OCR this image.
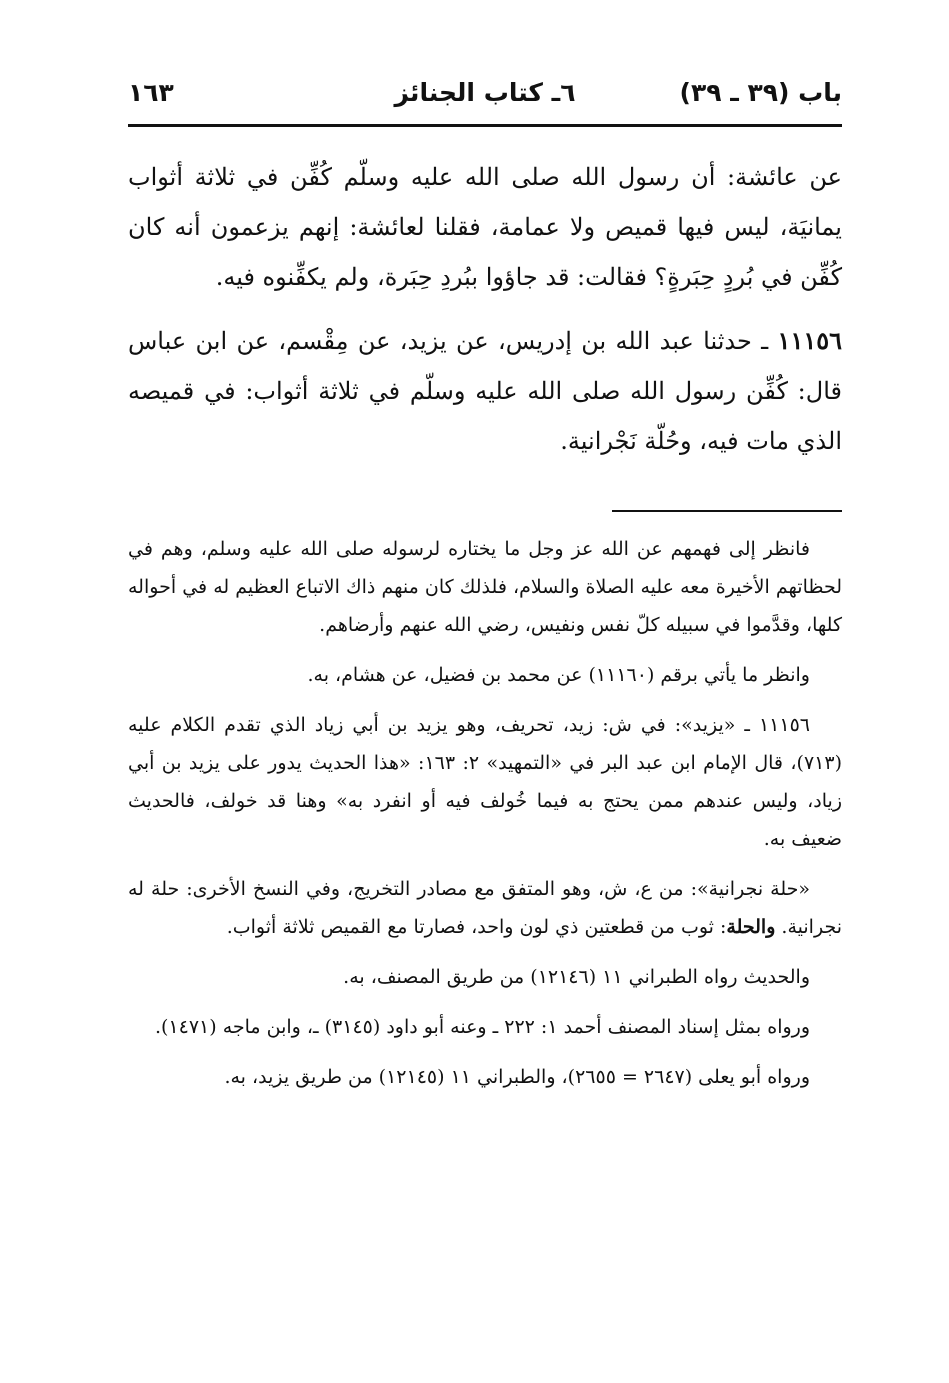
باب (٣٩ ـ ٣٩)
٦ـ كتاب الجنائز
١٦٣

عن عائشة: أن رسول الله صلى الله عليه وسلّم كُفِّن في ثلاثة أثواب يمانيَة، ليس فيها قميص ولا عمامة، فقلنا لعائشة: إنهم يزعمون أنه كان كُفِّن في بُردٍ حِبَرةٍ؟ فقالت: قد جاؤوا ببُردِ حِبَرة، ولم يكفِّنوه فيه.

١١١٥٦ ـ حدثنا عبد الله بن إدريس، عن يزيد، عن مِقْسم، عن ابن عباس قال: كُفِّن رسول الله صلى الله عليه وسلّم في ثلاثة أثواب: في قميصه الذي مات فيه، وحُلّة نَجْرانية.

فانظر إلى فهمهم عن الله عز وجل ما يختاره لرسوله صلى الله عليه وسلم، وهم في لحظاتهم الأخيرة معه عليه الصلاة والسلام، فلذلك كان منهم ذاك الاتباع العظيم له في أحواله كلها، وقدَّموا في سبيله كلّ نفس ونفيس، رضي الله عنهم وأرضاهم.

وانظر ما يأتي برقم (١١١٦٠) عن محمد بن فضيل، عن هشام، به.

١١١٥٦ ـ «يزيد»: في ش: زيد، تحريف، وهو يزيد بن أبي زياد الذي تقدم الكلام عليه (٧١٣)، قال الإمام ابن عبد البر في «التمهيد» ٢: ١٦٣: «هذا الحديث يدور على يزيد بن أبي زياد، وليس عندهم ممن يحتج به فيما خُولف فيه أو انفرد به» وهنا قد خولف، فالحديث ضعيف به.

«حلة نجرانية»: من ع، ش، وهو المتفق مع مصادر التخريج، وفي النسخ الأخرى: حلة له نجرانية. والحلة: ثوب من قطعتين ذي لون واحد، فصارتا مع القميص ثلاثة أثواب.

والحديث رواه الطبراني ١١ (١٢١٤٦) من طريق المصنف، به.

ورواه بمثل إسناد المصنف أحمد ١: ٢٢٢ ـ وعنه أبو داود (٣١٤٥) ـ، وابن ماجه (١٤٧١).

ورواه أبو يعلى (٢٦٤٧ = ٢٦٥٥)، والطبراني ١١ (١٢١٤٥) من طريق يزيد، به.
